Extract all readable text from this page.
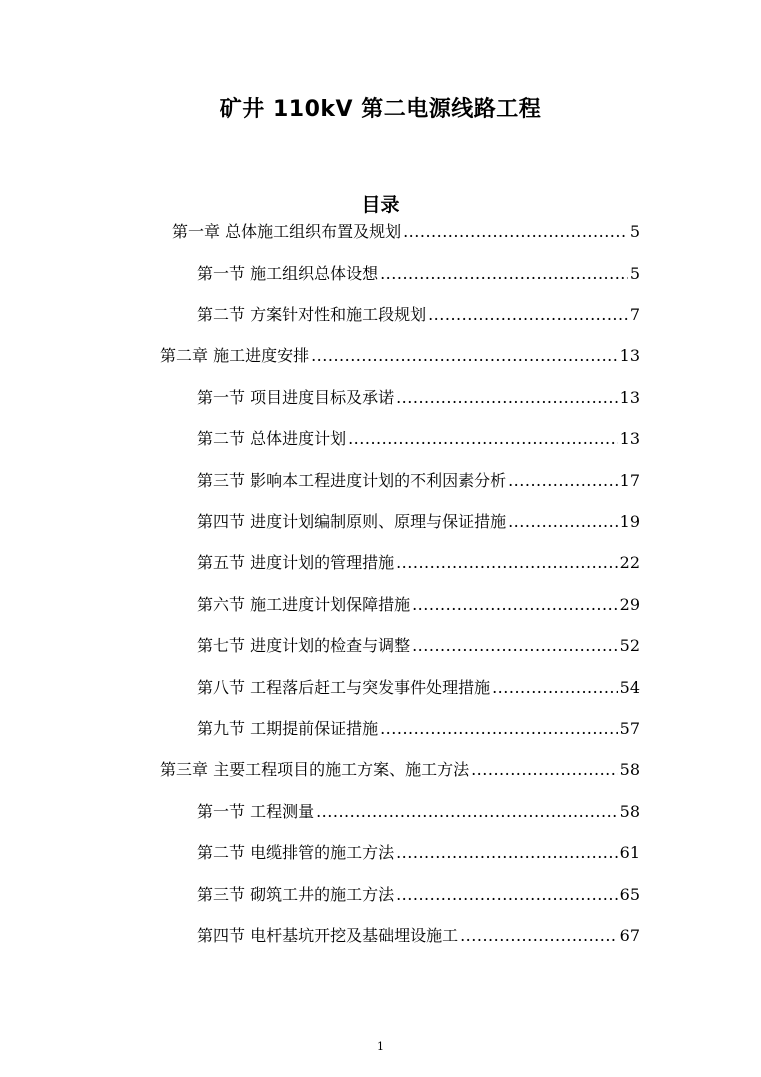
矿井 110kV 第二电源线路工程
目录
第一章 总体施工组织布置及规划 .....	5
第一节 施工组织总体设想 .....	5
第二节 方案针对性和施工段规划 .....	7
第二章 施工进度安排 .....	13
第一节 项目进度目标及承诺 .....	13
第二节 总体进度计划 .....	13
第三节 影响本工程进度计划的不利因素分析 .....	17
第四节 进度计划编制原则、原理与保证措施 .....	19
第五节 进度计划的管理措施 .....	22
第六节 施工进度计划保障措施 .....	29
第七节 进度计划的检查与调整 .....	52
第八节 工程落后赶工与突发事件处理措施 .....	54
第九节 工期提前保证措施 .....	57
第三章 主要工程项目的施工方案、施工方法 .....	58
第一节 工程测量 .....	58
第二节 电缆排管的施工方法 .....	61
第三节 砌筑工井的施工方法 .....	65
第四节 电杆基坑开挖及基础埋设施工 .....	67
1
